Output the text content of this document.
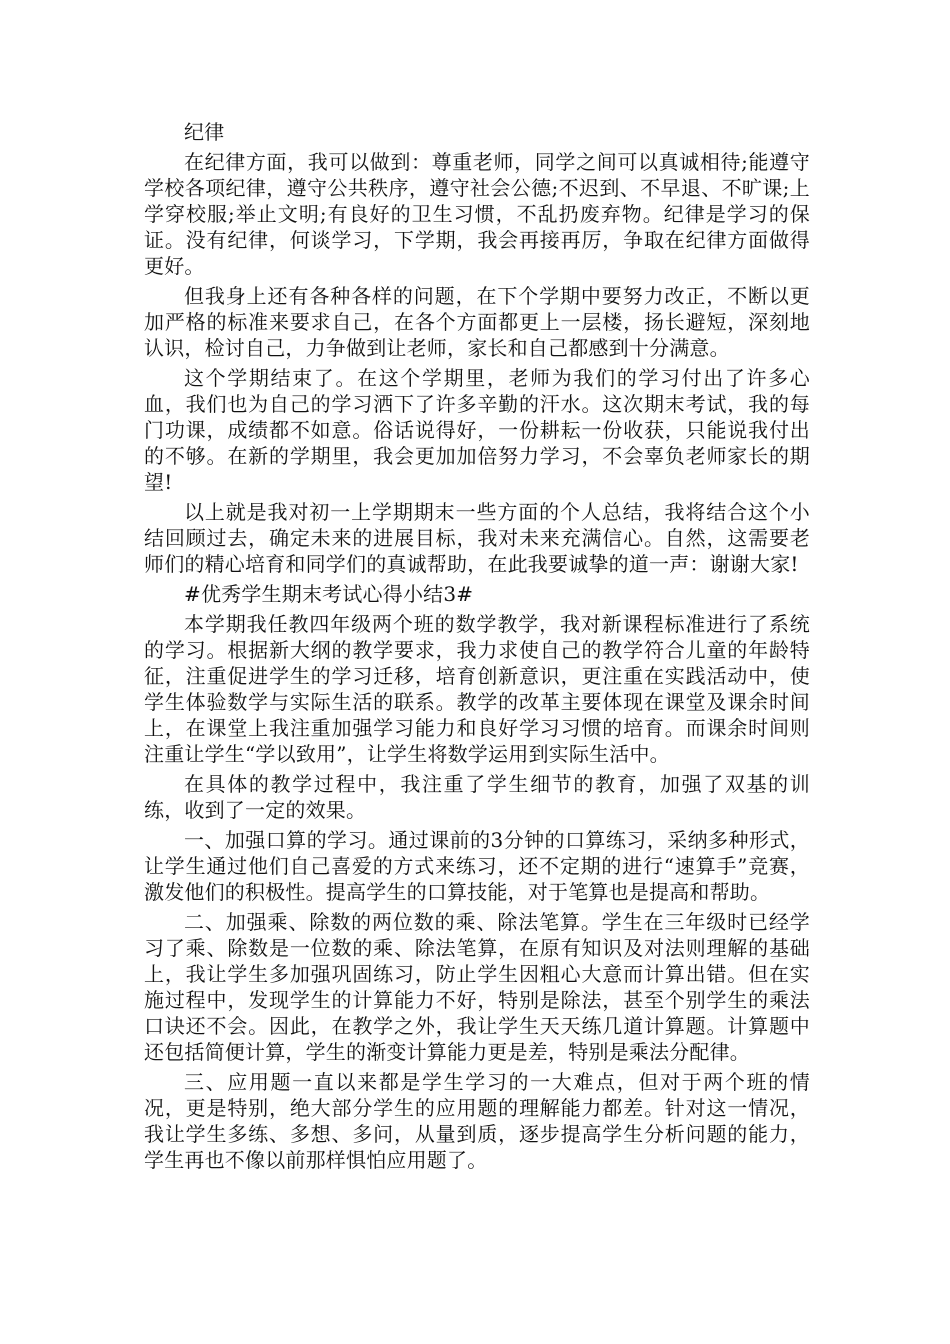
纪律

在纪律方面，我可以做到：尊重老师，同学之间可以真诚相待;能遵守学校各项纪律，遵守公共秩序，遵守社会公德;不迟到、不早退、不旷课;上学穿校服;举止文明;有良好的卫生习惯，不乱扔废弃物。纪律是学习的保证。没有纪律，何谈学习，下学期，我会再接再厉，争取在纪律方面做得更好。

但我身上还有各种各样的问题，在下个学期中要努力改正，不断以更加严格的标准来要求自己，在各个方面都更上一层楼，扬长避短，深刻地认识，检讨自己，力争做到让老师，家长和自己都感到十分满意。

这个学期结束了。在这个学期里，老师为我们的学习付出了许多心血，我们也为自己的学习洒下了许多辛勤的汗水。这次期末考试，我的每门功课，成绩都不如意。俗话说得好，一份耕耘一份收获，只能说我付出的不够。在新的学期里，我会更加加倍努力学习，不会辜负老师家长的期望!

以上就是我对初一上学期期末一些方面的个人总结，我将结合这个小结回顾过去，确定未来的进展目标，我对未来充满信心。自然，这需要老师们的精心培育和同学们的真诚帮助，在此我要诚挚的道一声：谢谢大家!

#优秀学生期末考试心得小结3#

本学期我任教四年级两个班的数学教学，我对新课程标准进行了系统的学习。根据新大纲的教学要求，我力求使自己的教学符合儿童的年龄特征，注重促进学生的学习迁移，培育创新意识，更注重在实践活动中，使学生体验数学与实际生活的联系。教学的改革主要体现在课堂及课余时间上，在课堂上我注重加强学习能力和良好学习习惯的培育。而课余时间则注重让学生“学以致用”，让学生将数学运用到实际生活中。

在具体的教学过程中，我注重了学生细节的教育，加强了双基的训练，收到了一定的效果。

一、加强口算的学习。通过课前的3分钟的口算练习，采纳多种形式，让学生通过他们自己喜爱的方式来练习，还不定期的进行“速算手”竞赛，激发他们的积极性。提高学生的口算技能，对于笔算也是提高和帮助。

二、加强乘、除数的两位数的乘、除法笔算。学生在三年级时已经学习了乘、除数是一位数的乘、除法笔算，在原有知识及对法则理解的基础上，我让学生多加强巩固练习，防止学生因粗心大意而计算出错。但在实施过程中，发现学生的计算能力不好，特别是除法，甚至个别学生的乘法口诀还不会。因此，在教学之外，我让学生天天练几道计算题。计算题中还包括简便计算，学生的渐变计算能力更是差，特别是乘法分配律。

三、应用题一直以来都是学生学习的一大难点，但对于两个班的情况，更是特别，绝大部分学生的应用题的理解能力都差。针对这一情况，我让学生多练、多想、多问，从量到质，逐步提高学生分析问题的能力，学生再也不像以前那样惧怕应用题了。
